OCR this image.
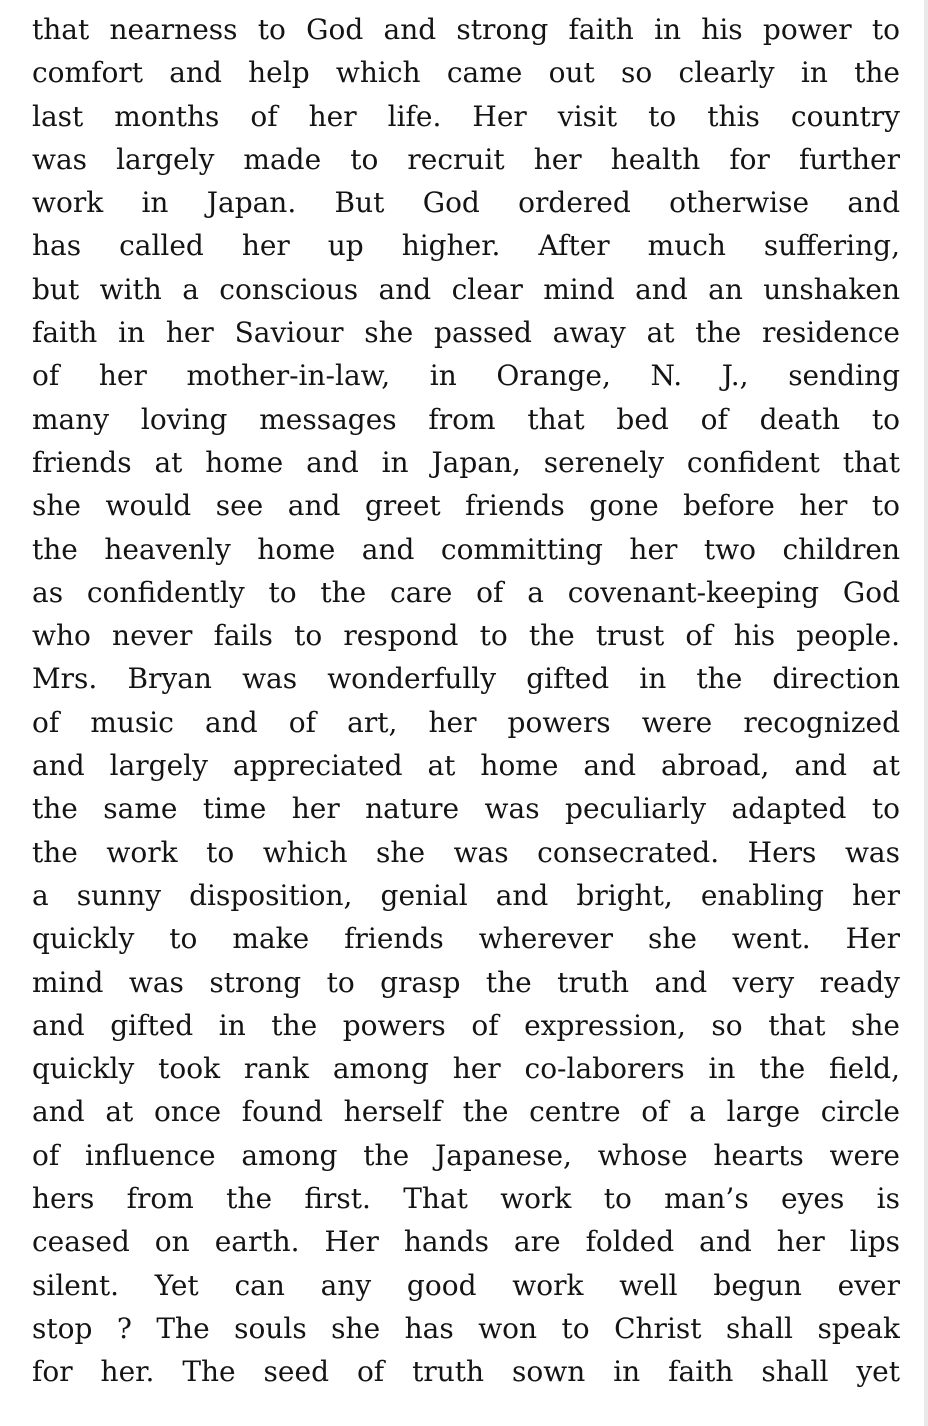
that nearness to God and strong faith in his power to
comfort and help which came out so clearly in the
last months of her life. Her visit to this country
was largely made to recruit her health for further
work in Japan. But God ordered otherwise and
has called her up higher. After much suffering,
but with a conscious and clear mind and an unshaken
faith in her Saviour she passed away at the residence
of her mother-in-law, in Orange, N. J., sending
many loving messages from that bed of death to
friends at home and in Japan, serenely confident that
she would see and greet friends gone before her to
the heavenly home and committing her two children
as confidently to the care of a covenant-keeping God
who never fails to respond to the trust of his people.
Mrs. Bryan was wonderfully gifted in the direction
of music and of art, her powers were recognized
and largely appreciated at home and abroad, and at
the same time her nature was peculiarly adapted to
the work to which she was consecrated. Hers was
a sunny disposition, genial and bright, enabling her
quickly to make friends wherever she went. Her
mind was strong to grasp the truth and very ready
and gifted in the powers of expression, so that she
quickly took rank among her co-laborers in the field,
and at once found herself the centre of a large circle
of influence among the Japanese, whose hearts were
hers from the first. That work to man’s eyes is
ceased on earth. Her hands are folded and her lips
silent. Yet can any good work well begun ever
stop ? The souls she has won to Christ shall speak
for her. The seed of truth sown in faith shall yet
